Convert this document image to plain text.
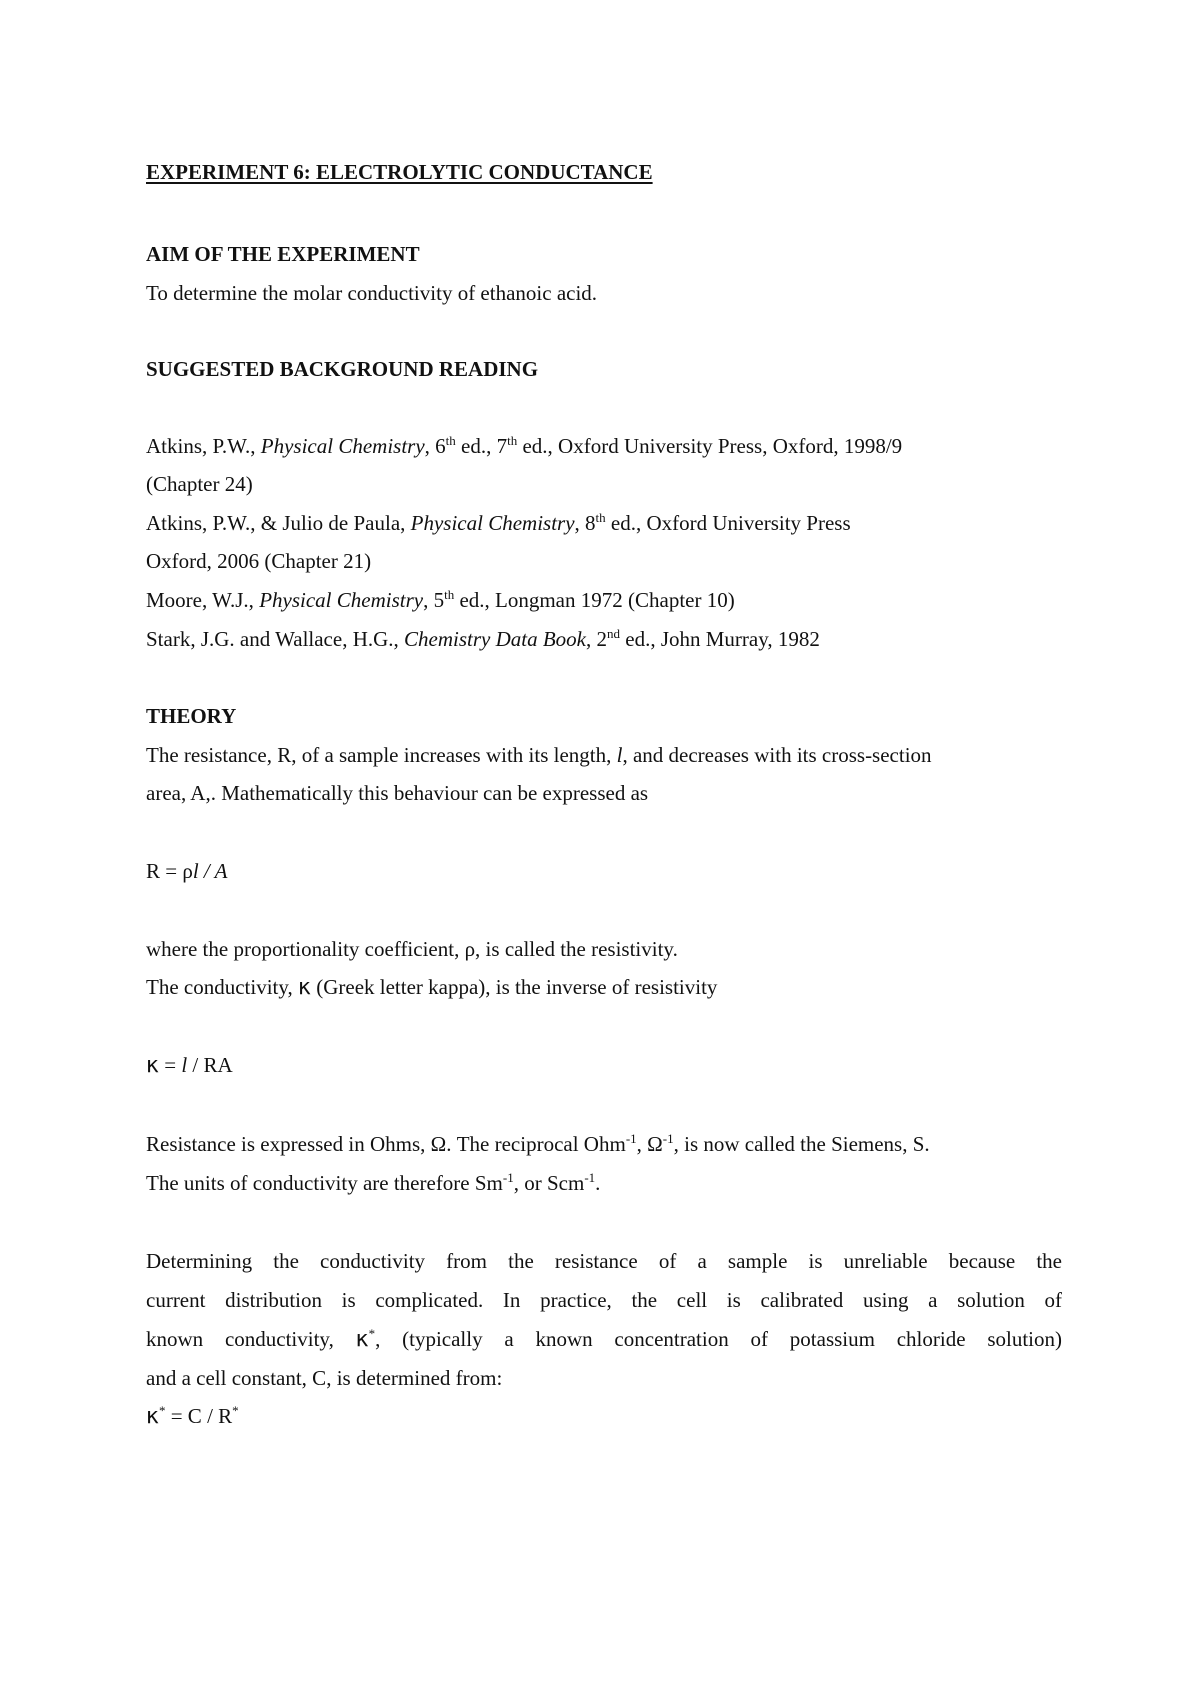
EXPERIMENT 6: ELECTROLYTIC CONDUCTANCE
AIM OF THE EXPERIMENT
To determine the molar conductivity of ethanoic acid.
SUGGESTED BACKGROUND READING
Atkins, P.W., Physical Chemistry, 6th ed., 7th ed., Oxford University Press, Oxford, 1998/9
(Chapter 24)
Atkins, P.W., & Julio de Paula, Physical Chemistry, 8th ed., Oxford University Press
Oxford, 2006 (Chapter 21)
Moore, W.J., Physical Chemistry, 5th ed., Longman 1972 (Chapter 10)
Stark, J.G. and Wallace, H.G., Chemistry Data Book, 2nd ed., John Murray, 1982
THEORY
The resistance, R, of a sample increases with its length, l, and decreases with its cross-section
area, A,. Mathematically this behaviour can be expressed as
R = ρl / A
where the proportionality coefficient, ρ, is called the resistivity.
The conductivity, κ (Greek letter kappa), is the inverse of resistivity
κ = l / RA
Resistance is expressed in Ohms, Ω. The reciprocal Ohm$^{-1}$, $\Omega^{-1}$, is now called the Siemens, S.
The units of conductivity are therefore $Sm^{-1}$, or Scm$^{-1}$.
Determining the conductivity from the resistance of a sample is unreliable because the
current distribution is complicated. In practice, the cell is calibrated using a solution of
known conductivity, κ*, (typically a known concentration of potassium chloride solution)
and a cell constant, C, is determined from:
κ* = C / R*
